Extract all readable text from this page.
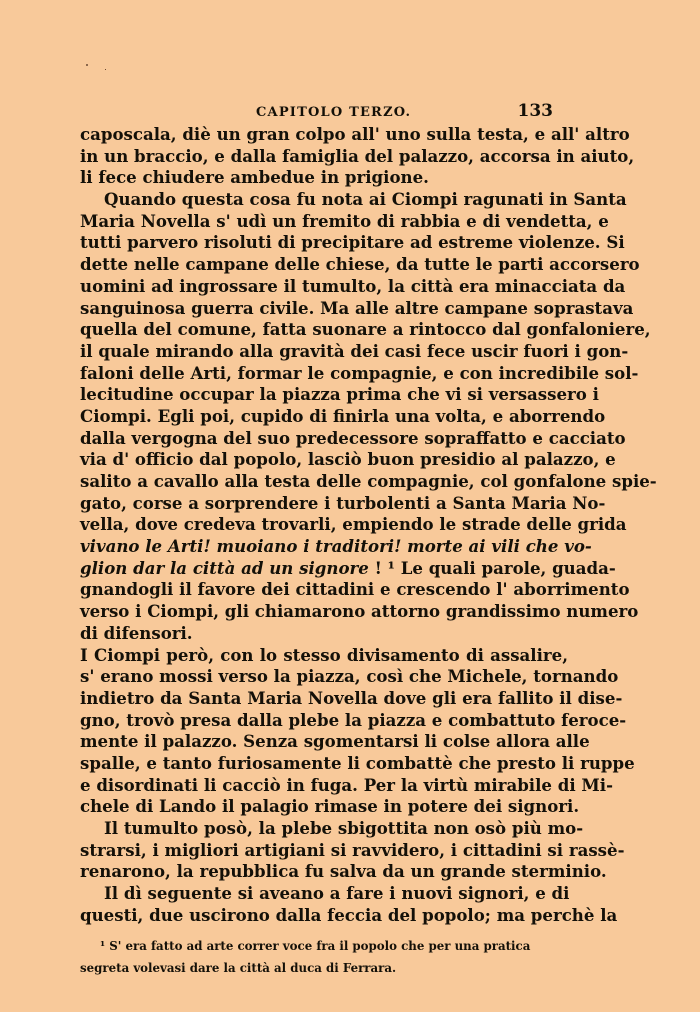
CAPITOLO TERZO.	133
caposcala, diè un gran colpo all' uno sulla testa, e all' altro
in un braccio, e dalla famiglia del palazzo, accorsa in aiuto,
li fece chiudere ambedue in prigione.
Quando questa cosa fu nota ai Ciompi ragunati in Santa
Maria Novella s' udì un fremito di rabbia e di vendetta, e
tutti parvero risoluti di precipitare ad estreme violenze. Si
dette nelle campane delle chiese, da tutte le parti accorsero
uomini ad ingrossare il tumulto, la città era minacciata da
sanguinosa guerra civile. Ma alle altre campane soprastava
quella del comune, fatta suonare a rintocco dal gonfaloniere,
il quale mirando alla gravità dei casi fece uscir fuori i gon-
faloni delle Arti, formar le compagnie, e con incredibile sol-
lecitudine occupar la piazza prima che vi si versassero i
Ciompi. Egli poi, cupido di finirla una volta, e aborrendo
dalla vergogna del suo predecessore sopraffatto e cacciato
via d' officio dal popolo, lasciò buon presidio al palazzo, e
salito a cavallo alla testa delle compagnie, col gonfalone spie-
gato, corse a sorprendere i turbolenti a Santa Maria No-
vella, dove credeva trovarli, empiendo le strade delle grida
vivano le Arti! muoiano i traditori! morte ai vili che vo-
glion dar la città ad un signore ! ¹ Le quali parole, guada-
gnandogli il favore dei cittadini e crescendo l' aborrimento
verso i Ciompi, gli chiamarono attorno grandissimo numero
di difensori.
I Ciompi però, con lo stesso divisamento di assalire,
s' erano mossi verso la piazza, così che Michele, tornando
indietro da Santa Maria Novella dove gli era fallito il dise-
gno, trovò presa dalla plebe la piazza e combattuto feroce-
mente il palazzo. Senza sgomentarsi li colse allora alle
spalle, e tanto furiosamente li combattè che presto li ruppe
e disordinati li cacciò in fuga. Per la virtù mirabile di Mi-
chele di Lando il palagio rimase in potere dei signori.
Il tumulto posò, la plebe sbigottita non osò più mo-
strarsi, i migliori artigiani si ravvidero, i cittadini si rassè-
renarono, la repubblica fu salva da un grande sterminio.
Il dì seguente si aveano a fare i nuovi signori, e di
questi, due uscirono dalla feccia del popolo; ma perchè la
¹ S' era fatto ad arte correr voce fra il popolo che per una pratica
segreta volevasi dare la città al duca di Ferrara.
